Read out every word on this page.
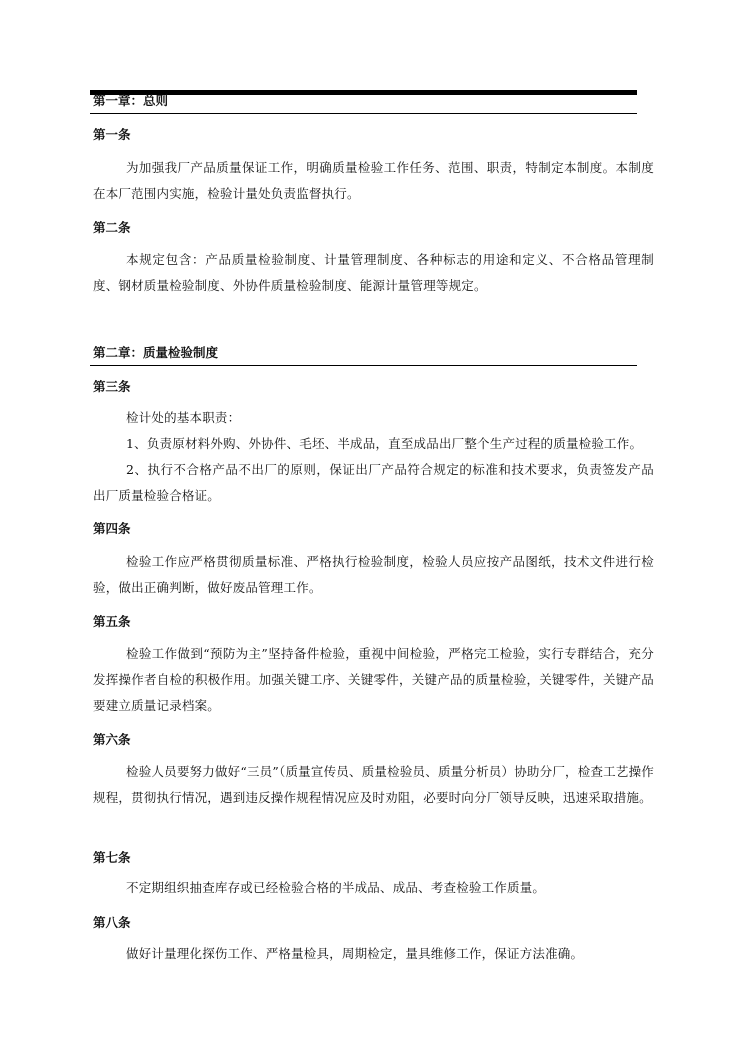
第一章：总则
第一条
为加强我厂产品质量保证工作，明确质量检验工作任务、范围、职责，特制定本制度。本制度在本厂范围内实施，检验计量处负责监督执行。
第二条
本规定包含：产品质量检验制度、计量管理制度、各种标志的用途和定义、不合格品管理制度、钢材质量检验制度、外协件质量检验制度、能源计量管理等规定。
第二章：质量检验制度
第三条
检计处的基本职责：
1、负责原材料外购、外协件、毛坯、半成品，直至成品出厂整个生产过程的质量检验工作。
2、执行不合格产品不出厂的原则，保证出厂产品符合规定的标准和技术要求，负责签发产品出厂质量检验合格证。
第四条
检验工作应严格贯彻质量标准、严格执行检验制度，检验人员应按产品图纸，技术文件进行检验，做出正确判断，做好废品管理工作。
第五条
检验工作做到“预防为主”坚持备件检验，重视中间检验，严格完工检验，实行专群结合，充分发挥操作者自检的积极作用。加强关键工序、关键零件，关键产品的质量检验，关键零件，关键产品要建立质量记录档案。
第六条
检验人员要努力做好“三员”（质量宣传员、质量检验员、质量分析员）协助分厂，检查工艺操作规程，贯彻执行情况，遇到违反操作规程情况应及时劝阻，必要时向分厂领导反映，迅速采取措施。
第七条
不定期组织抽查库存或已经检验合格的半成品、成品、考查检验工作质量。
第八条
做好计量理化探伤工作、严格量检具，周期检定，量具维修工作，保证方法准确。
